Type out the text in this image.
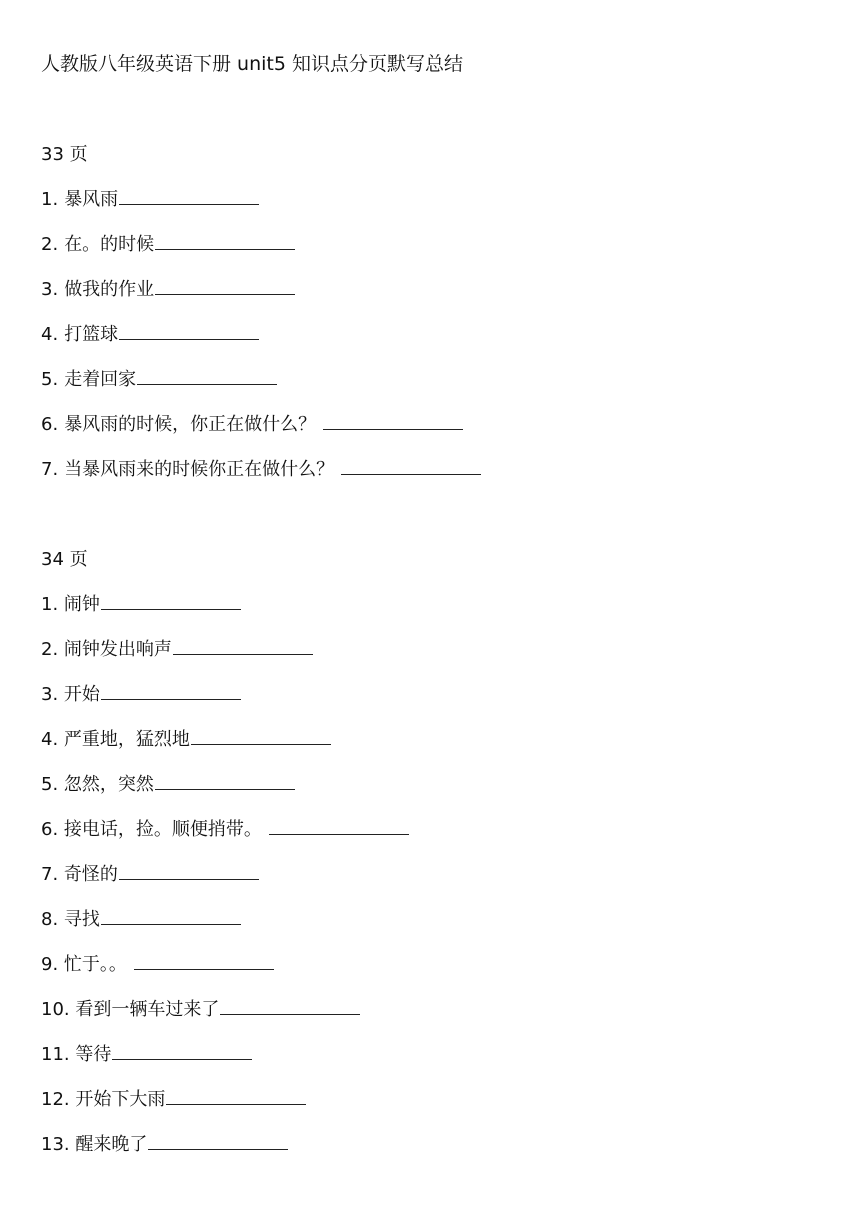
人教版八年级英语下册 unit5 知识点分页默写总结
33 页
1. 暴风雨
2. 在。的时候
3. 做我的作业
4. 打篮球
5. 走着回家
6. 暴风雨的时候，你正在做什么？
7. 当暴风雨来的时候你正在做什么？
34 页
1. 闹钟
2. 闹钟发出响声
3. 开始
4. 严重地，猛烈地
5. 忽然，突然
6. 接电话，捡。顺便捎带。
7. 奇怪的
8. 寻找
9. 忙于。。
10. 看到一辆车过来了
11. 等待
12. 开始下大雨
13. 醒来晚了
